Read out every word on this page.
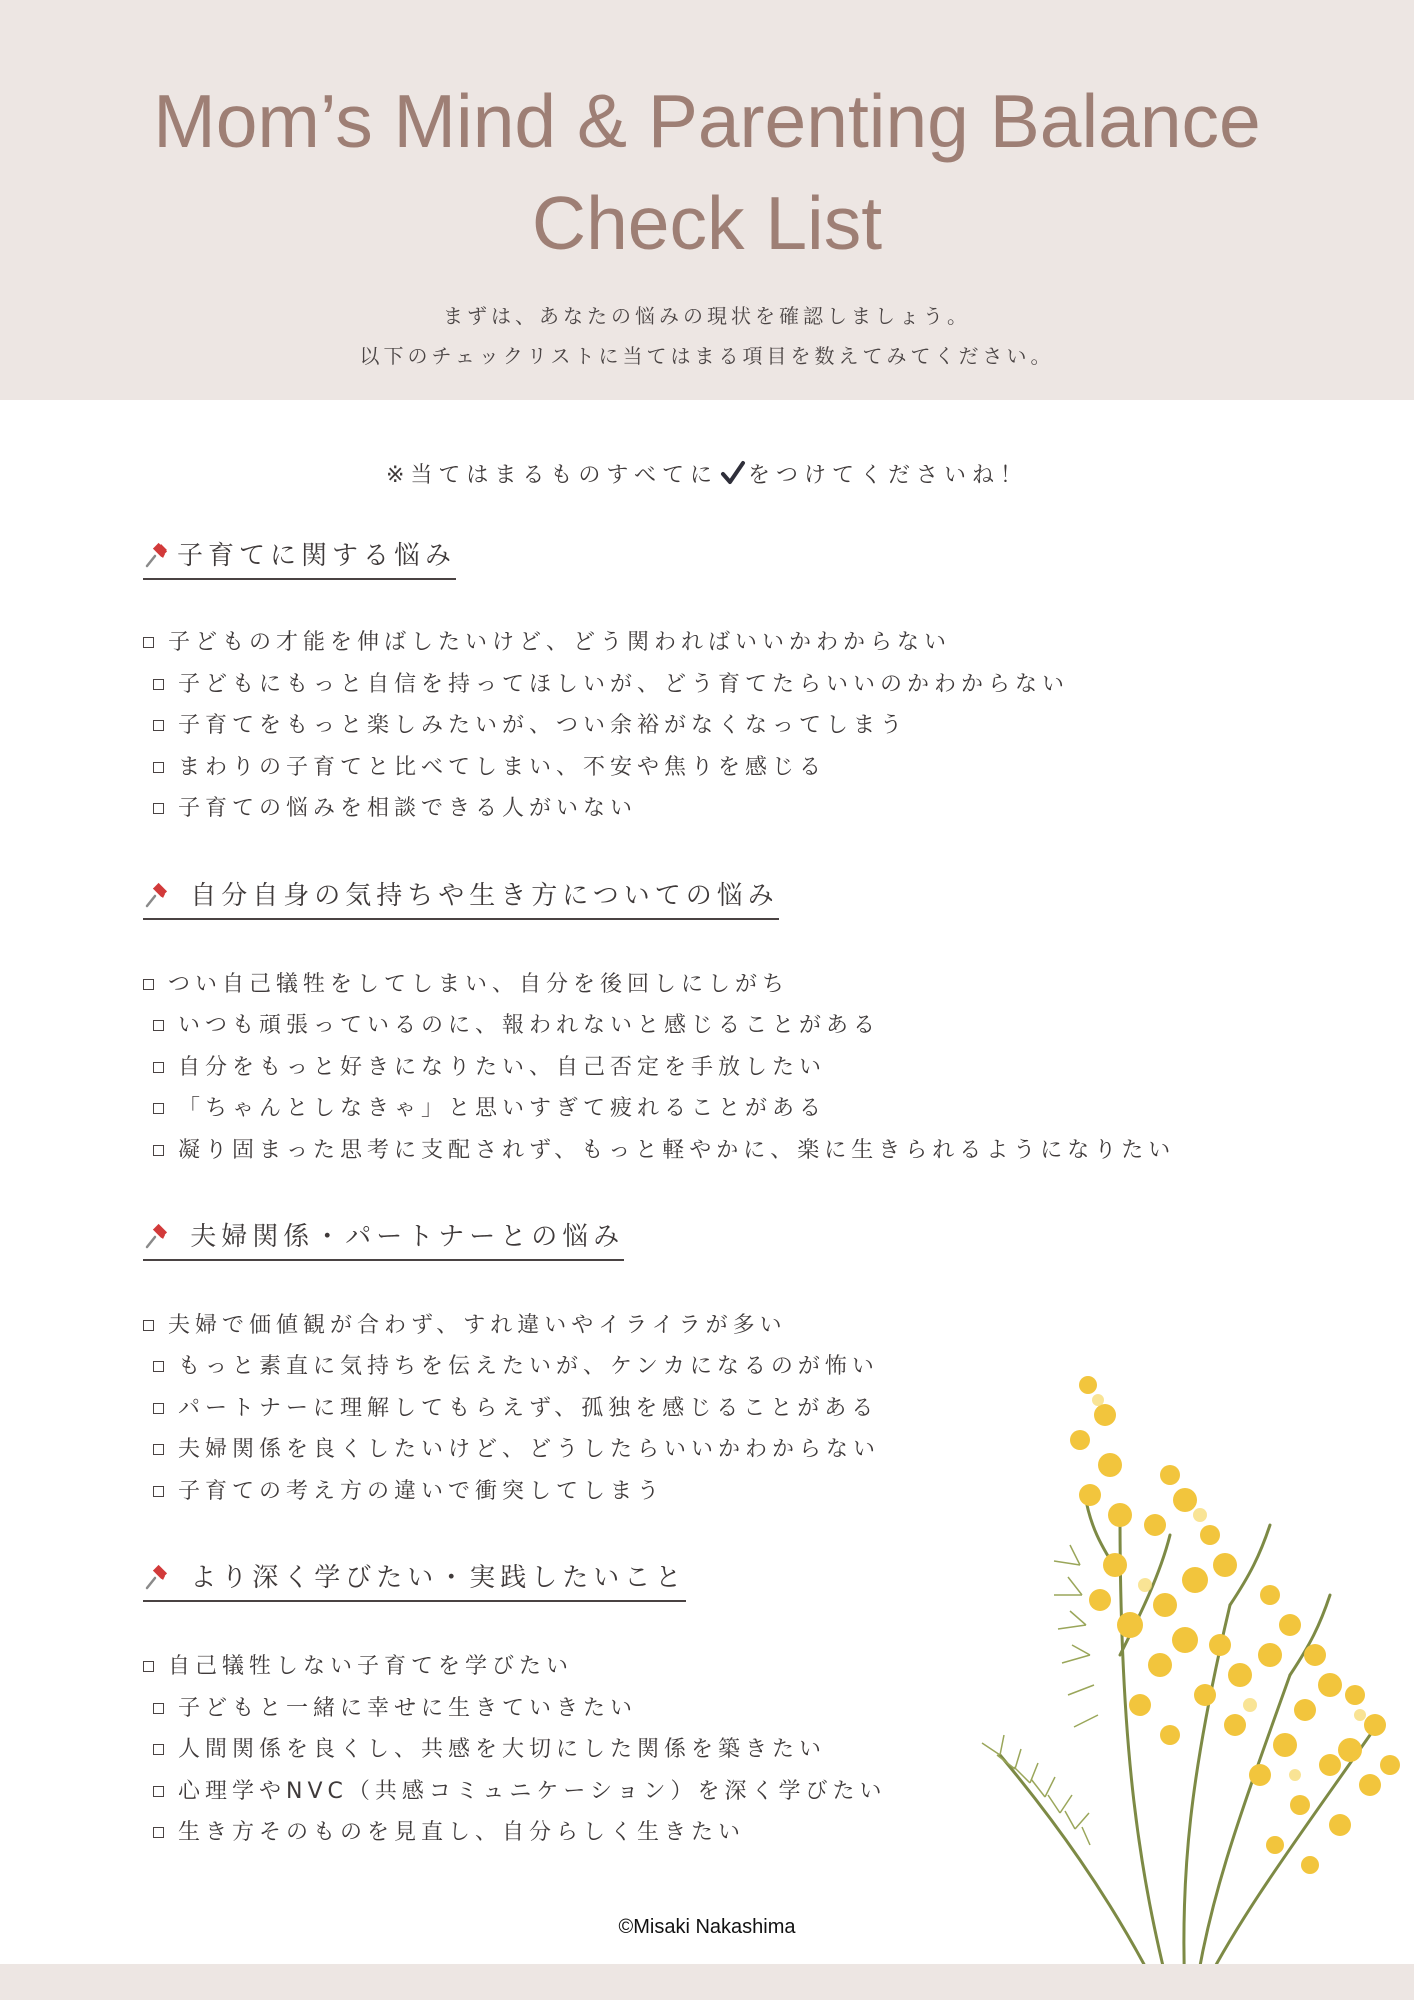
Mom’s Mind & Parenting Balance
Check List
まずは、あなたの悩みの現状を確認しましょう。
以下のチェックリストに当てはまる項目を数えてみてください。
※当てはまるものすべてに をつけてくださいね！
子育てに関する悩み
子どもの才能を伸ばしたいけど、どう関わればいいかわからない
子どもにもっと自信を持ってほしいが、どう育てたらいいのかわからない
子育てをもっと楽しみたいが、つい余裕がなくなってしまう
まわりの子育てと比べてしまい、不安や焦りを感じる
子育ての悩みを相談できる人がいない
自分自身の気持ちや生き方についての悩み
つい自己犠牲をしてしまい、自分を後回しにしがち
いつも頑張っているのに、報われないと感じることがある
自分をもっと好きになりたい、自己否定を手放したい
「ちゃんとしなきゃ」と思いすぎて疲れることがある
凝り固まった思考に支配されず、もっと軽やかに、楽に生きられるようになりたい
夫婦関係・パートナーとの悩み
夫婦で価値観が合わず、すれ違いやイライラが多い
もっと素直に気持ちを伝えたいが、ケンカになるのが怖い
パートナーに理解してもらえず、孤独を感じることがある
夫婦関係を良くしたいけど、どうしたらいいかわからない
子育ての考え方の違いで衝突してしまう
より深く学びたい・実践したいこと
自己犠牲しない子育てを学びたい
子どもと一緒に幸せに生きていきたい
人間関係を良くし、共感を大切にした関係を築きたい
心理学やNVC（共感コミュニケーション）を深く学びたい
生き方そのものを見直し、自分らしく生きたい
©Misaki Nakashima
